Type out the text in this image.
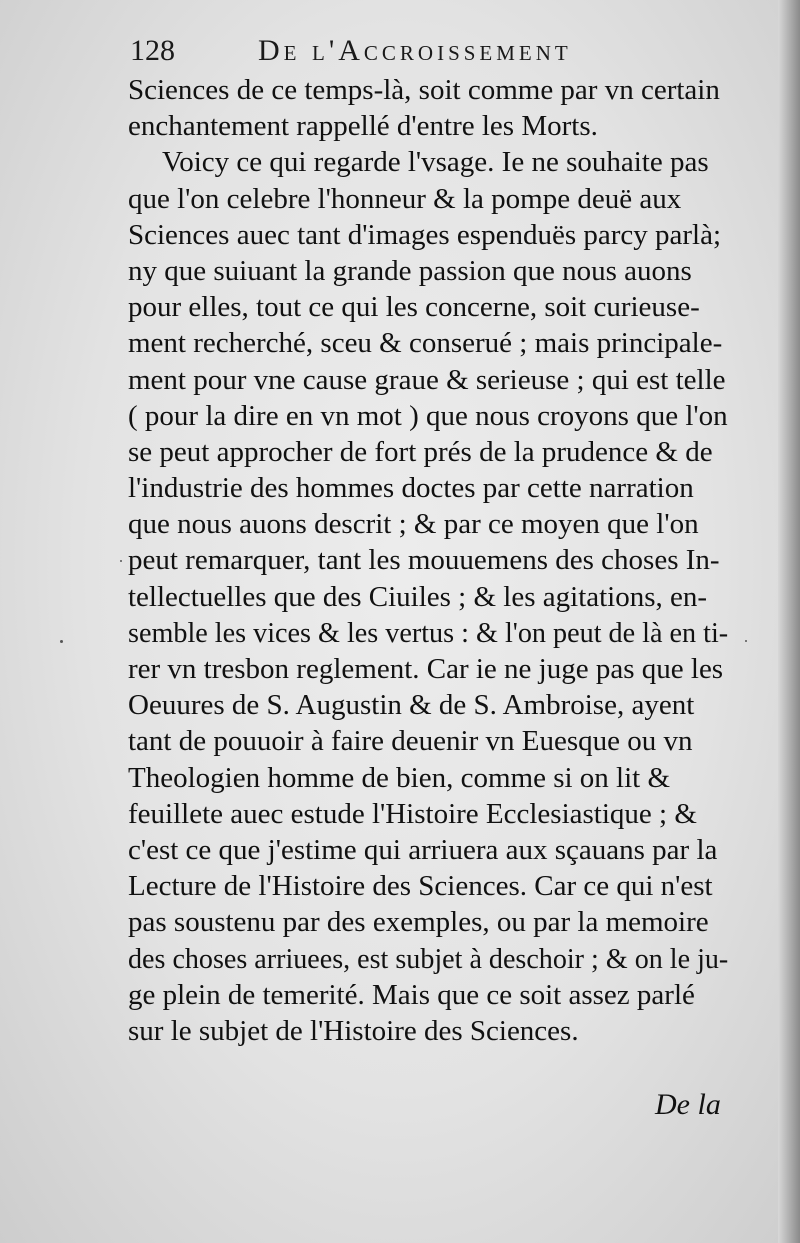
128	De l'Accroissement
Sciences de ce temps-là, soit comme par vn certain
enchantement rappellé d'entre les Morts.
Voicy ce qui regarde l'vsage. Ie ne souhaite pas
que l'on celebre l'honneur & la pompe deuë aux
Sciences auec tant d'images espenduës parcy parlà;
ny que suiuant la grande passion que nous auons
pour elles, tout ce qui les concerne, soit curieuse-
ment recherché, sceu & conserué ; mais principale-
ment pour vne cause graue & serieuse ; qui est telle
( pour la dire en vn mot ) que nous croyons que l'on
se peut approcher de fort prés de la prudence & de
l'industrie des hommes doctes par cette narration
que nous auons descrit ; & par ce moyen que l'on
peut remarquer, tant les mouuemens des choses In-
tellectuelles que des Ciuiles ; & les agitations, en-
semble les vices & les vertus : & l'on peut de là en ti-
rer vn tresbon reglement. Car ie ne juge pas que les
Oeuures de S. Augustin & de S. Ambroise, ayent
tant de pouuoir à faire deuenir vn Euesque ou vn
Theologien homme de bien, comme si on lit &
feuillete auec estude l'Histoire Ecclesiastique ; &
c'est ce que j'estime qui arriuera aux sçauans par la
Lecture de l'Histoire des Sciences. Car ce qui n'est
pas soustenu par des exemples, ou par la memoire
des choses arriuees, est subjet à deschoir ; & on le ju-
ge plein de temerité. Mais que ce soit assez parlé
sur le subjet de l'Histoire des Sciences.
De la
